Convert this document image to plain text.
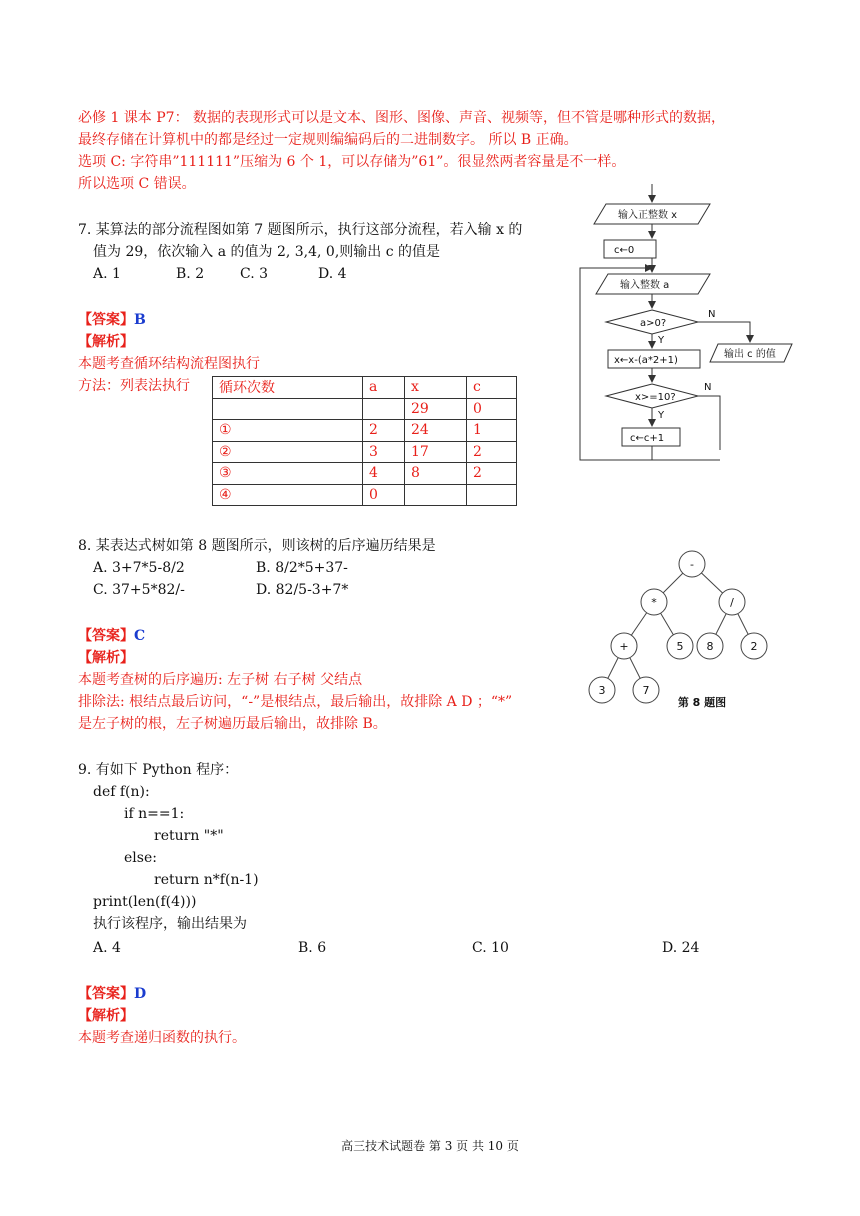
必修 1 课本 P7： 数据的表现形式可以是文本、图形、图像、声音、视频等，但不管是哪种形式的数据，
最终存储在计算机中的都是经过一定规则编编码后的二进制数字。 所以 B 正确。
选项 C: 字符串”111111”压缩为 6 个 1，可以存储为”61”。很显然两者容量是不一样。
所以选项 C 错误。
7. 某算法的部分流程图如第 7 题图所示，执行这部分流程，若入输 x 的
值为 29，依次输入 a 的值为 2, 3,4, 0,则输出 c 的值是
A. 1	B. 2	C. 3	D. 4
【答案】B
【解析】
本题考查循环结构流程图执行
方法：列表法执行 循环次数	a	x	c
		29	0
①	2	24	1
②	3	17	2
③	4	8	2
④	0		
输入正整数 x
c←0
输入整数 a
a>0?
N
Y
输出 c 的值
x←x-(a*2+1)
x>=10?
N
Y
c←c+1
8. 某表达式树如第 8 题图所示，则该树的后序遍历结果是
A. 3+7*5-8/2	B. 8/2*5+37-
C. 37+5*82/-	D. 82/5-3+7*
【答案】C
【解析】
本题考查树的后序遍历: 左子树 右子树 父结点
排除法: 根结点最后访问，“-”是根结点，最后输出，故排除 A D ；“*”
是左子树的根，左子树遍历最后输出，故排除 B。
-
*	/
+	5 8	2
3	7
第 8 题图
9. 有如下 Python 程序：
def f(n):
if n==1:
return "*"
else:
return n*f(n-1)
print(len(f(4)))
执行该程序，输出结果为
A. 4	B. 6	C. 10	D. 24
【答案】D
【解析】
本题考查递归函数的执行。
高三技术试题卷 第 3 页 共 10 页
